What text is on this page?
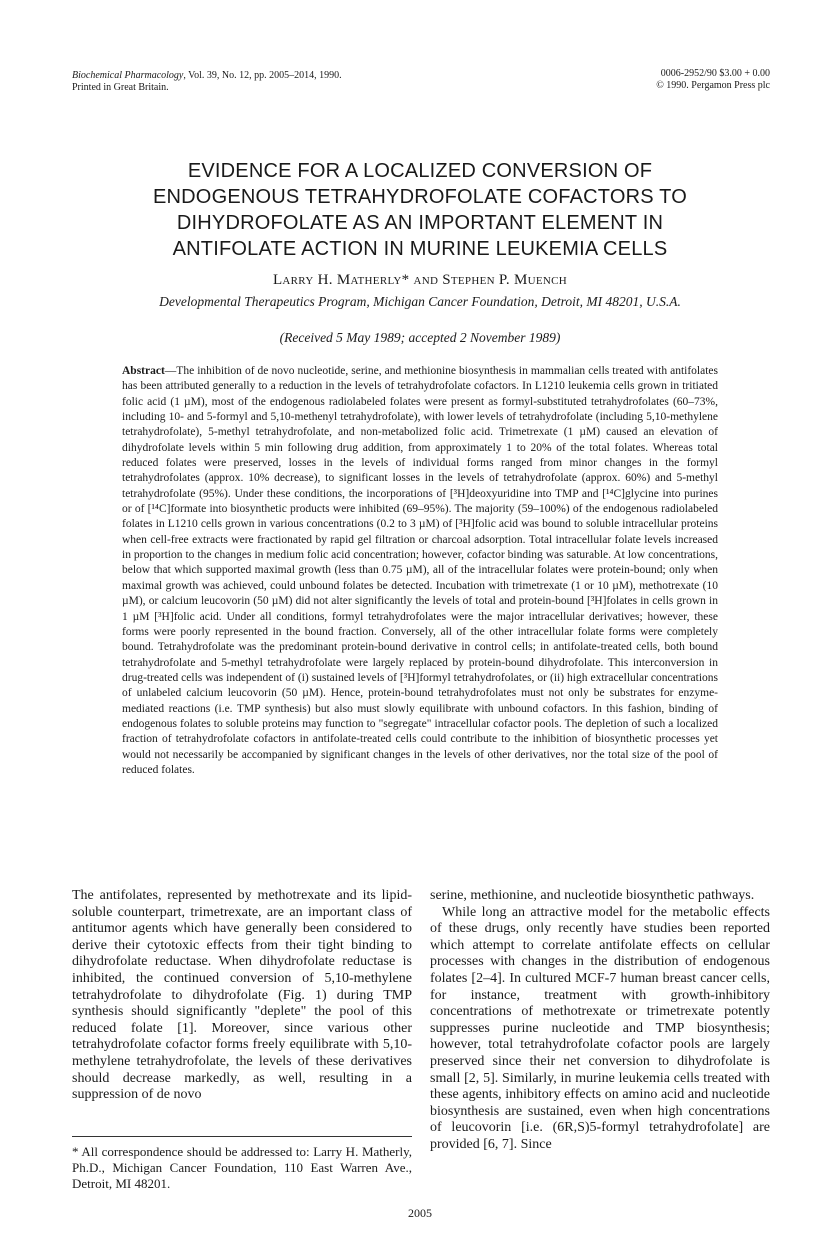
Biochemical Pharmacology, Vol. 39, No. 12, pp. 2005–2014, 1990.
Printed in Great Britain.
0006-2952/90 $3.00 + 0.00
© 1990. Pergamon Press plc
EVIDENCE FOR A LOCALIZED CONVERSION OF
ENDOGENOUS TETRAHYDROFOLATE COFACTORS TO
DIHYDROFOLATE AS AN IMPORTANT ELEMENT IN
ANTIFOLATE ACTION IN MURINE LEUKEMIA CELLS
Larry H. Matherly* and Stephen P. Muench
Developmental Therapeutics Program, Michigan Cancer Foundation, Detroit, MI 48201, U.S.A.
(Received 5 May 1989; accepted 2 November 1989)

Abstract—The inhibition of de novo nucleotide, serine, and methionine biosynthesis in mammalian cells treated with antifolates has been attributed generally to a reduction in the levels of tetrahydrofolate cofactors. In L1210 leukemia cells grown in tritiated folic acid (1 µM), most of the endogenous radiolabeled folates were present as formyl-substituted tetrahydrofolates (60–73%, including 10- and 5-formyl and 5,10-methenyl tetrahydrofolate), with lower levels of tetrahydrofolate (including 5,10-methylene tetrahydrofolate), 5-methyl tetrahydrofolate, and non-metabolized folic acid. Trimetrexate (1 µM) caused an elevation of dihydrofolate levels within 5 min following drug addition, from approximately 1 to 20% of the total folates. Whereas total reduced folates were preserved, losses in the levels of individual forms ranged from minor changes in the formyl tetrahydrofolates (approx. 10% decrease), to significant losses in the levels of tetrahydrofolate (approx. 60%) and 5-methyl tetrahydrofolate (95%). Under these conditions, the incorporations of [³H]deoxyuridine into TMP and [¹⁴C]glycine into purines or of [¹⁴C]formate into biosynthetic products were inhibited (69–95%). The majority (59–100%) of the endogenous radiolabeled folates in L1210 cells grown in various concentrations (0.2 to 3 µM) of [³H]folic acid was bound to soluble intracellular proteins when cell-free extracts were fractionated by rapid gel filtration or charcoal adsorption. Total intracellular folate levels increased in proportion to the changes in medium folic acid concentration; however, cofactor binding was saturable. At low concentrations, below that which supported maximal growth (less than 0.75 µM), all of the intracellular folates were protein-bound; only when maximal growth was achieved, could unbound folates be detected. Incubation with trimetrexate (1 or 10 µM), methotrexate (10 µM), or calcium leucovorin (50 µM) did not alter significantly the levels of total and protein-bound [³H]folates in cells grown in 1 µM [³H]folic acid. Under all conditions, formyl tetrahydrofolates were the major intracellular derivatives; however, these forms were poorly represented in the bound fraction. Conversely, all of the other intracellular folate forms were completely bound. Tetrahydrofolate was the predominant protein-bound derivative in control cells; in antifolate-treated cells, both bound tetrahydrofolate and 5-methyl tetrahydrofolate were largely replaced by protein-bound dihydrofolate. This interconversion in drug-treated cells was independent of (i) sustained levels of [³H]formyl tetrahydrofolates, or (ii) high extracellular concentrations of unlabeled calcium leucovorin (50 µM). Hence, protein-bound tetrahydrofolates must not only be substrates for enzyme-mediated reactions (i.e. TMP synthesis) but also must slowly equilibrate with unbound cofactors. In this fashion, binding of endogenous folates to soluble proteins may function to "segregate" intracellular cofactor pools. The depletion of such a localized fraction of tetrahydrofolate cofactors in antifolate-treated cells could contribute to the inhibition of biosynthetic processes yet would not necessarily be accompanied by significant changes in the levels of other derivatives, nor the total size of the pool of reduced folates.

The antifolates, represented by methotrexate and its lipid-soluble counterpart, trimetrexate, are an important class of antitumor agents which have generally been considered to derive their cytotoxic effects from their tight binding to dihydrofolate reductase. When dihydrofolate reductase is inhibited, the continued conversion of 5,10-methylene tetrahydrofolate to dihydrofolate (Fig. 1) during TMP synthesis should significantly "deplete" the pool of this reduced folate [1]. Moreover, since various other tetrahydrofolate cofactor forms freely equilibrate with 5,10-methylene tetrahydrofolate, the levels of these derivatives should decrease markedly, as well, resulting in a suppression of de novo

serine, methionine, and nucleotide biosynthetic pathways.

While long an attractive model for the metabolic effects of these drugs, only recently have studies been reported which attempt to correlate antifolate effects on cellular processes with changes in the distribution of endogenous folates [2–4]. In cultured MCF-7 human breast cancer cells, for instance, treatment with growth-inhibitory concentrations of methotrexate or trimetrexate potently suppresses purine nucleotide and TMP biosynthesis; however, total tetrahydrofolate cofactor pools are largely preserved since their net conversion to dihydrofolate is small [2, 5]. Similarly, in murine leukemia cells treated with these agents, inhibitory effects on amino acid and nucleotide biosynthesis are sustained, even when high concentrations of leucovorin [i.e. (6R,S)5-formyl tetrahydrofolate] are provided [6, 7]. Since

* All correspondence should be addressed to: Larry H. Matherly, Ph.D., Michigan Cancer Foundation, 110 East Warren Ave., Detroit, MI 48201.

2005
